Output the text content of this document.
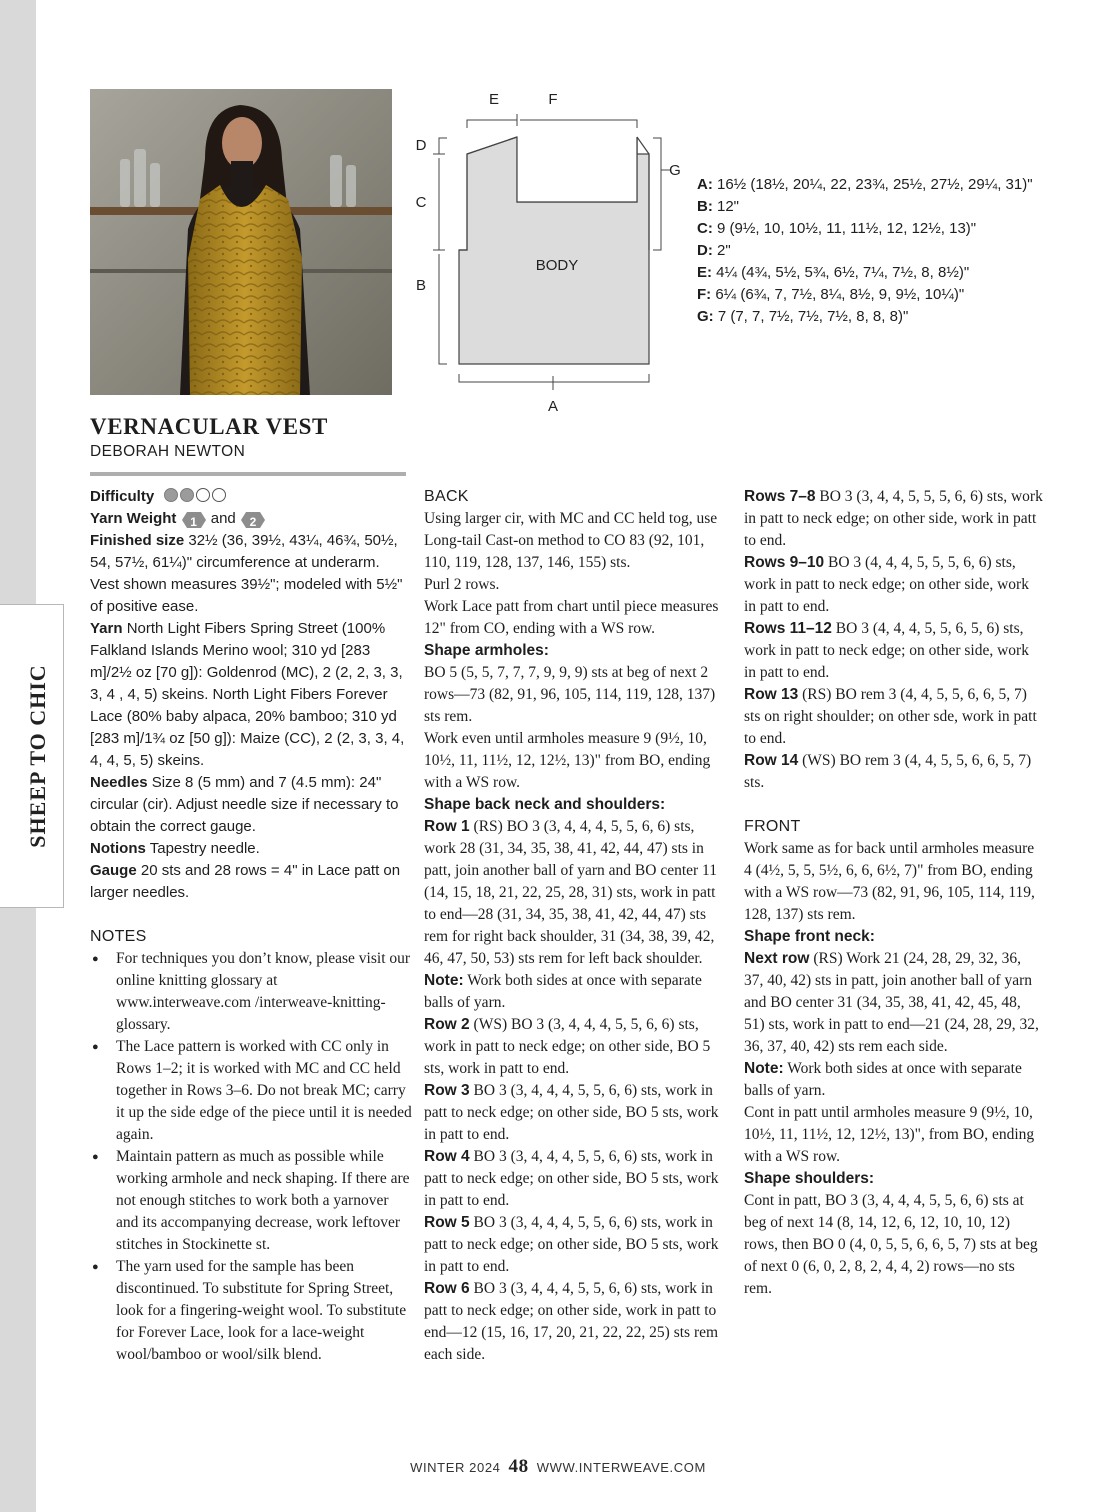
SHEEP TO CHIC
BODY
E	F
D
C
B
G
A
A: 16½ (18½, 20¼, 22, 23¾, 25½, 27½, 29¼, 31)"
B: 12"
C: 9 (9½, 10, 10½, 11, 11½, 12, 12½, 13)"
D: 2"
E: 4¼ (4¾, 5½, 5¾, 6½, 7¼, 7½, 8, 8½)"
F: 6¼ (6¾, 7, 7½, 8¼, 8½, 9, 9½, 10¼)"
G: 7 (7, 7, 7½, 7½, 7½, 8, 8, 8)"
VERNACULAR VEST
DEBORAH NEWTON

Difficulty

Yarn Weight 1 and
2

Finished size 32½ (36, 39½, 43¼, 46¾, 50½, 54, 57½, 61¼)" circumference at underarm. Vest shown measures 39½"; modeled with 5½" of positive ease.

Yarn North Light Fibers Spring Street (100% Falkland Islands Merino wool; 310 yd [283 m]/2½ oz [70 g]): Goldenrod (MC), 2 (2, 2, 3, 3, 3, 4 , 4, 5) skeins. North Light Fibers Forever Lace (80% baby alpaca, 20% bamboo; 310 yd [283 m]/1¾ oz [50 g]): Maize (CC), 2 (2, 3, 3, 4, 4, 4, 5, 5) skeins.

Needles Size 8 (5 mm) and 7 (4.5 mm): 24" circular (cir). Adjust needle size if necessary to obtain the correct gauge.

Notions Tapestry needle.

Gauge 20 sts and 28 rows = 4" in Lace patt on larger needles.

NOTES

● For techniques you don’t know, please visit our online knitting glossary at www.interweave.com /interweave-knitting-glossary.
● The Lace pattern is worked with CC only in Rows 1–2; it is worked with MC and CC held together in Rows 3–6. Do not break MC; carry it up the side edge of the piece until it is needed again.
● Maintain pattern as much as possible while working armhole and neck shaping. If there are not enough stitches to work both a yarnover and its accompanying decrease, work leftover stitches in Stockinette st.
● The yarn used for the sample has been discontinued. To substitute for Spring Street, look for a fingering-weight wool. To substitute for Forever Lace, look for a lace-weight wool/bamboo or wool/silk blend.

BACK

Using larger cir, with MC and CC held tog, use Long-tail Cast-on method to CO 83 (92, 101, 110, 119, 128, 137, 146, 155) sts.

Purl 2 rows.

Work Lace patt from chart until piece measures 12" from CO, ending with a WS row.

Shape armholes:

BO 5 (5, 5, 7, 7, 7, 9, 9, 9) sts at beg of next 2 rows—73 (82, 91, 96, 105, 114, 119, 128, 137) sts rem.

Work even until armholes measure 9 (9½, 10, 10½, 11, 11½, 12, 12½, 13)" from BO, ending with a WS row.

Shape back neck and shoulders:

Row 1 (RS) BO 3 (3, 4, 4, 4, 5, 5, 6, 6) sts, work 28 (31, 34, 35, 38, 41, 42, 44, 47) sts in patt, join another ball of yarn and BO center 11 (14, 15, 18, 21, 22, 25, 28, 31) sts, work in patt to end—28 (31, 34, 35, 38, 41, 42, 44, 47) sts rem for right back shoulder, 31 (34, 38, 39, 42, 46, 47, 50, 53) sts rem for left back shoulder.

Note: Work both sides at once with separate balls of yarn.

Row 2 (WS) BO 3 (3, 4, 4, 4, 5, 5, 6, 6) sts, work in patt to neck edge; on other side, BO 5 sts, work in patt to end.

Row 3 BO 3 (3, 4, 4, 4, 5, 5, 6, 6) sts, work in patt to neck edge; on other side, BO 5 sts, work in patt to end.

Row 4 BO 3 (3, 4, 4, 4, 5, 5, 6, 6) sts, work in patt to neck edge; on other side, BO 5 sts, work in patt to end.

Row 5 BO 3 (3, 4, 4, 4, 5, 5, 6, 6) sts, work in patt to neck edge; on other side, BO 5 sts, work in patt to end.

Row 6 BO 3 (3, 4, 4, 4, 5, 5, 6, 6) sts, work in patt to neck edge; on other side, work in patt to end—12 (15, 16, 17, 20, 21, 22, 22, 25) sts rem each side.

Rows 7–8 BO 3 (3, 4, 4, 5, 5, 5, 6, 6) sts, work in patt to neck edge; on other side, work in patt to end.

Rows 9–10 BO 3 (4, 4, 4, 5, 5, 5, 6, 6) sts, work in patt to neck edge; on other side, work in patt to end.

Rows 11–12 BO 3 (4, 4, 4, 5, 5, 6, 5, 6) sts, work in patt to neck edge; on other side, work in patt to end.

Row 13 (RS) BO rem 3 (4, 4, 5, 5, 6, 6, 5, 7) sts on right shoulder; on other sde, work in patt to end.

Row 14 (WS) BO rem 3 (4, 4, 5, 5, 6, 6, 5, 7) sts.

FRONT

Work same as for back until armholes measure 4 (4½, 5, 5, 5½, 6, 6, 6½, 7)" from BO, ending with a WS row—73 (82, 91, 96, 105, 114, 119, 128, 137) sts rem.

Shape front neck:

Next row (RS) Work 21 (24, 28, 29, 32, 36, 37, 40, 42) sts in patt, join another ball of yarn and BO center 31 (34, 35, 38, 41, 42, 45, 48, 51) sts, work in patt to end—21 (24, 28, 29, 32, 36, 37, 40, 42) sts rem each side.

Note: Work both sides at once with separate balls of yarn.

Cont in patt until armholes measure 9 (9½, 10, 10½, 11, 11½, 12, 12½, 13)", from BO, ending with a WS row.

Shape shoulders:

Cont in patt, BO 3 (3, 4, 4, 4, 5, 5, 6, 6) sts at beg of next 14 (8, 14, 12, 6, 12, 10, 10, 12) rows, then BO 0 (4, 0, 5, 5, 6, 6, 5, 7) sts at beg of next 0 (6, 0, 2, 8, 2, 4, 4, 2) rows—no sts rem.

WINTER 2024 48 WWW.INTERWEAVE.COM
